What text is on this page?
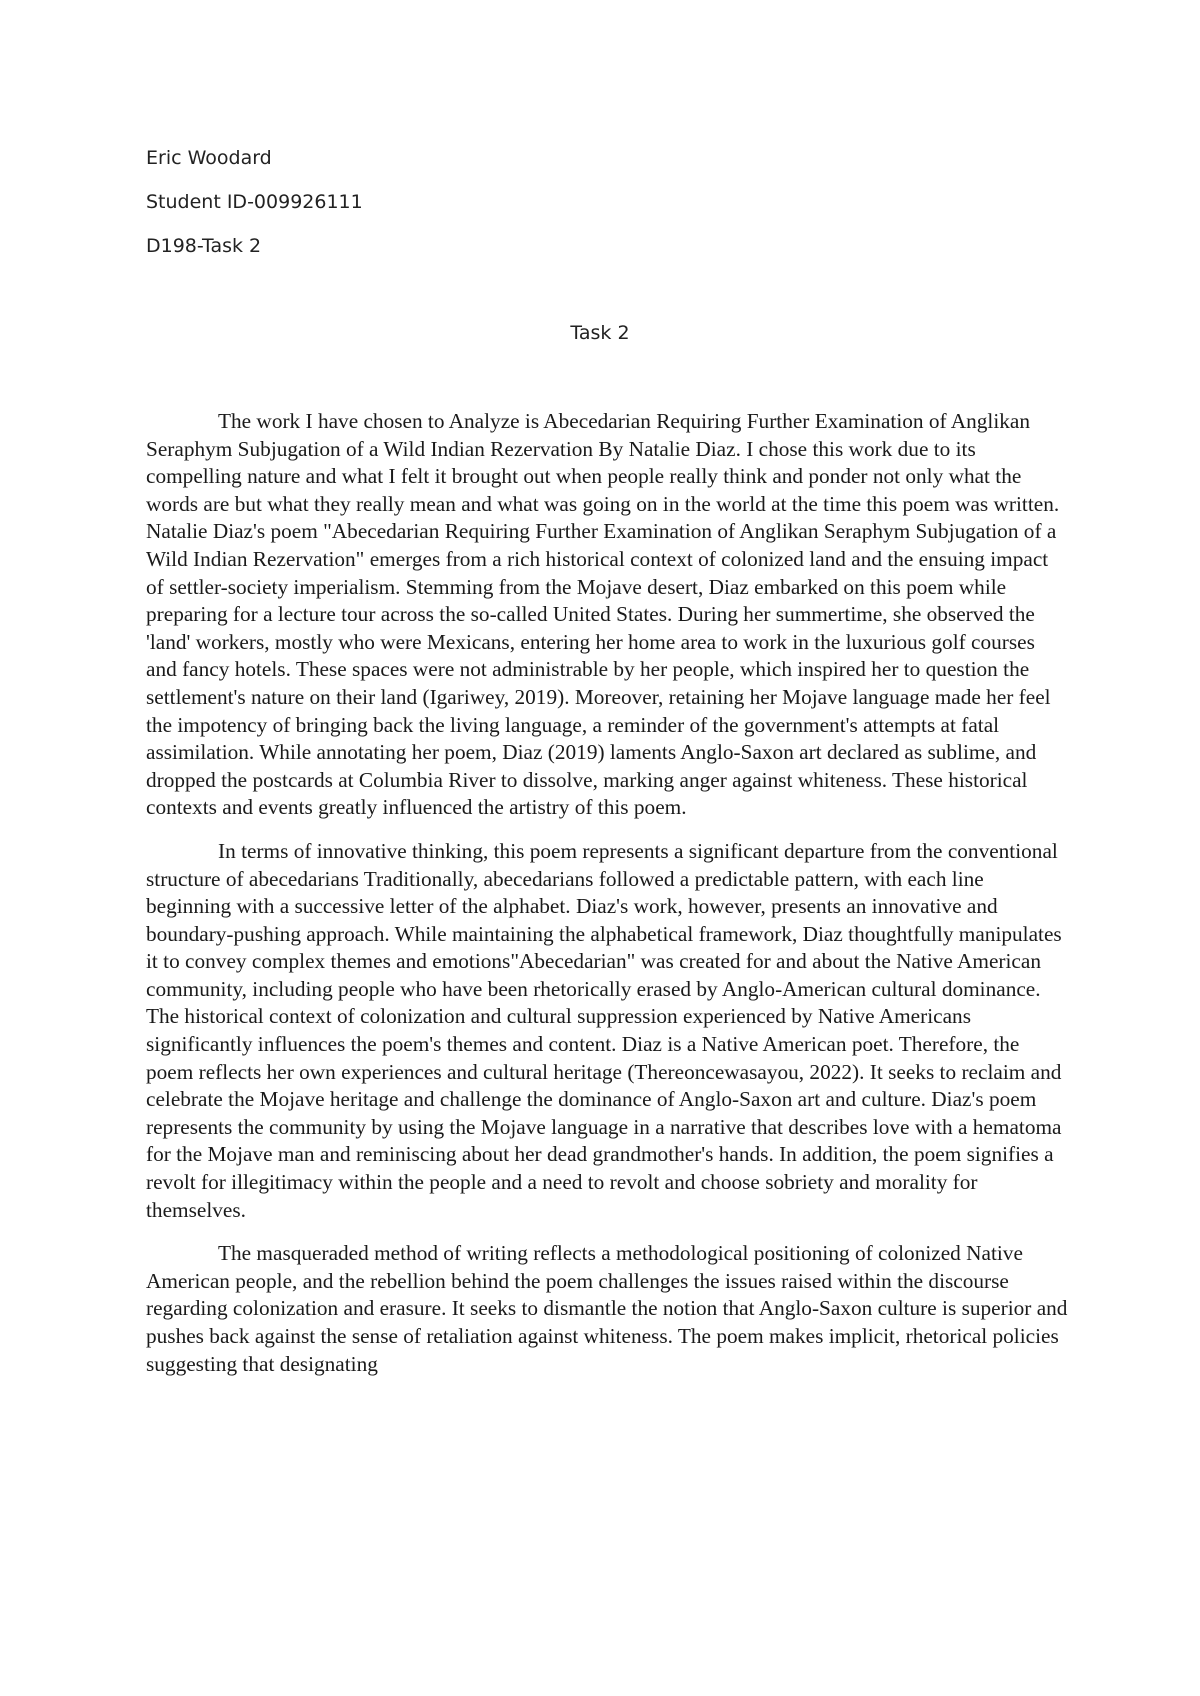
Eric Woodard
Student ID-009926111
D198-Task 2
Task 2

The work I have chosen to Analyze is Abecedarian Requiring Further Examination of Anglikan Seraphym Subjugation of a Wild Indian Rezervation By Natalie Diaz. I chose this work due to its compelling nature and what I felt it brought out when people really think and ponder not only what the words are but what they really mean and what was going on in the world at the time this poem was written. Natalie Diaz's poem "Abecedarian Requiring Further Examination of Anglikan Seraphym Subjugation of a Wild Indian Rezervation" emerges from a rich historical context of colonized land and the ensuing impact of settler-society imperialism. Stemming from the Mojave desert, Diaz embarked on this poem while preparing for a lecture tour across the so-called United States. During her summertime, she observed the 'land' workers, mostly who were Mexicans, entering her home area to work in the luxurious golf courses and fancy hotels. These spaces were not administrable by her people, which inspired her to question the settlement's nature on their land (Igariwey, 2019). Moreover, retaining her Mojave language made her feel the impotency of bringing back the living language, a reminder of the government's attempts at fatal assimilation. While annotating her poem, Diaz (2019) laments Anglo-Saxon art declared as sublime, and dropped the postcards at Columbia River to dissolve, marking anger against whiteness. These historical contexts and events greatly influenced the artistry of this poem.

In terms of innovative thinking, this poem represents a significant departure from the conventional structure of abecedarians Traditionally, abecedarians followed a predictable pattern, with each line beginning with a successive letter of the alphabet. Diaz's work, however, presents an innovative and boundary-pushing approach. While maintaining the alphabetical framework, Diaz thoughtfully manipulates it to convey complex themes and emotions"Abecedarian" was created for and about the Native American community, including people who have been rhetorically erased by Anglo-American cultural dominance. The historical context of colonization and cultural suppression experienced by Native Americans significantly influences the poem's themes and content. Diaz is a Native American poet. Therefore, the poem reflects her own experiences and cultural heritage (Thereoncewasayou, 2022). It seeks to reclaim and celebrate the Mojave heritage and challenge the dominance of Anglo-Saxon art and culture. Diaz's poem represents the community by using the Mojave language in a narrative that describes love with a hematoma for the Mojave man and reminiscing about her dead grandmother's hands. In addition, the poem signifies a revolt for illegitimacy within the people and a need to revolt and choose sobriety and morality for themselves.

The masqueraded method of writing reflects a methodological positioning of colonized Native American people, and the rebellion behind the poem challenges the issues raised within the discourse regarding colonization and erasure. It seeks to dismantle the notion that Anglo-Saxon culture is superior and pushes back against the sense of retaliation against whiteness. The poem makes implicit, rhetorical policies suggesting that designating
